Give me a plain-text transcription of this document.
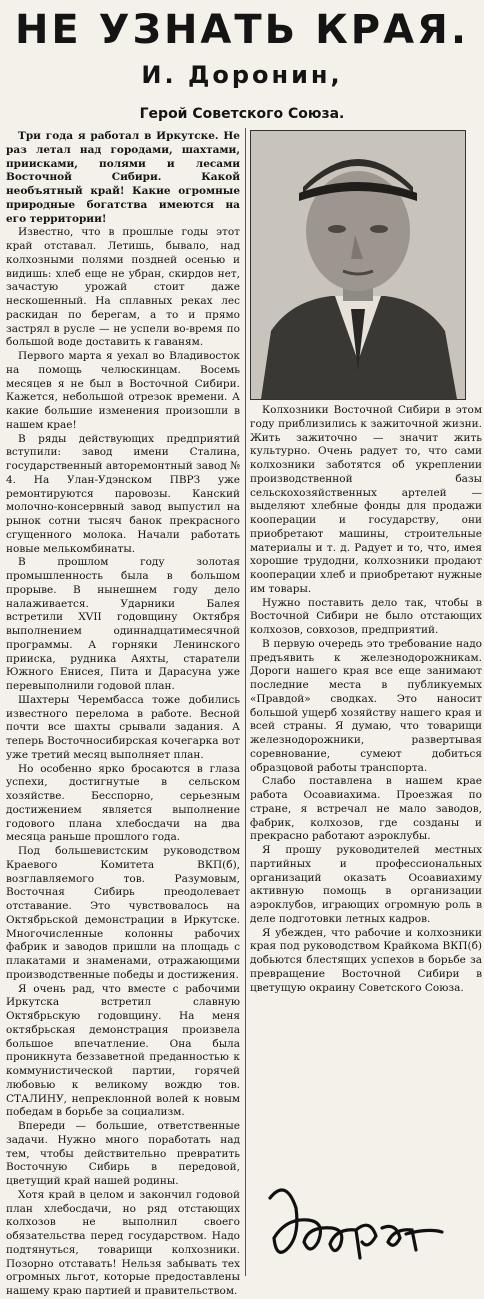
НЕ УЗНАТЬ КРАЯ.
И. Доронин,
Герой Советского Союза.

Три года я работал в Иркутске. Не раз летал над городами, шахтами, приисками, полями и лесами Восточной Сибири. Какой необъятный край! Какие огромные природные богатства имеются на его территории!

Известно, что в прошлые годы этот край отставал. Летишь, бывало, над колхозными полями поздней осенью и видишь: хлеб еще не убран, скирдов нет, зачастую урожай стоит даже нескошенный. На сплавных реках лес раскидан по берегам, а то и прямо застрял в русле — не успели во-время по большой воде доставить к гаваням.

Первого марта я уехал во Владивосток на помощь челюскинцам. Восемь месяцев я не был в Восточной Сибири. Кажется, небольшой отрезок времени. А какие большие изменения произошли в нашем крае!

В ряды действующих предприятий вступили: завод имени Сталина, государственный авторемонтный завод № 4. На Улан-Удэнском ПВРЗ уже ремонтируются паровозы. Канский молочно-консервный завод выпустил на рынок сотни тысяч банок прекрасного сгущенного молока. Начали работать новые мелькомбинаты.

В прошлом году золотая промышленность была в большом прорыве. В нынешнем году дело налаживается. Ударники Балея встретили XVII годовщину Октября выполнением одиннадцатимесячной программы. А горняки Ленинского прииска, рудника Аяхты, старатели Южного Енисея, Пита и Дарасуна уже перевыполнили годовой план.

Шахтеры Черембасса тоже добились известного перелома в работе. Весной почти все шахты срывали задания. А теперь Восточносибирская кочегарка вот уже третий месяц выполняет план.

Но особенно ярко бросаются в глаза успехи, достигнутые в сельском хозяйстве. Бесспорно, серьезным достижением является выполнение годового плана хлебосдачи на два месяца раньше прошлого года.

Под большевистским руководством Краевого Комитета ВКП(б), возглавляемого тов. Разумовым, Восточная Сибирь преодолевает отставание. Это чувствовалось на Октябрьской демонстрации в Иркутске. Многочисленные колонны рабочих фабрик и заводов пришли на площадь с плакатами и знаменами, отражающими производственные победы и достижения.

Я очень рад, что вместе с рабочими Иркутска встретил славную Октябрьскую годовщину. На меня октябрьская демонстрация произвела большое впечатление. Она была проникнута беззаветной преданностью к коммунистической партии, горячей любовью к великому вождю тов. СТАЛИНУ, непреклонной волей к новым победам в борьбе за социализм.

Впереди — большие, ответственные задачи. Нужно много поработать над тем, чтобы действительно превратить Восточную Сибирь в передовой, цветущий край нашей родины.

Хотя край в целом и закончил годовой план хлебосдачи, но ряд отстающих колхозов не выполнил своего обязательства перед государством. Надо подтянуться, товарищи колхозники. Позорно отставать! Нельзя забывать тех огромных льгот, которые предоставлены нашему краю партией и правительством.

Колхозники Восточной Сибири в этом году приблизились к зажиточной жизни. Жить зажиточно — значит жить культурно. Очень радует то, что сами колхозники заботятся об укреплении производственной базы сельскохозяйственных артелей — выделяют хлебные фонды для продажи кооперации и государству, они приобретают машины, строительные материалы и т. д. Радует и то, что, имея хорошие трудодни, колхозники продают кооперации хлеб и приобретают нужные им товары.

Нужно поставить дело так, чтобы в Восточной Сибири не было отстающих колхозов, совхозов, предприятий.

В первую очередь это требование надо предъявить к железнодорожникам. Дороги нашего края все еще занимают последние места в публикуемых «Правдой» сводках. Это наносит большой ущерб хозяйству нашего края и всей страны. Я думаю, что товарищи железнодорожники, развертывая соревнование, сумеют добиться образцовой работы транспорта.

Слабо поставлена в нашем крае работа Осоавиахима. Проезжая по стране, я встречал не мало заводов, фабрик, колхозов, где созданы и прекрасно работают аэроклубы.

Я прошу руководителей местных партийных и профессиональных организаций оказать Осоавиахиму активную помощь в организации аэроклубов, играющих огромную роль в деле подготовки летных кадров.

Я убежден, что рабочие и колхозники края под руководством Крайкома ВКП(б) добьются блестящих успехов в борьбе за превращение Восточной Сибири в цветущую окраину Советского Союза.
